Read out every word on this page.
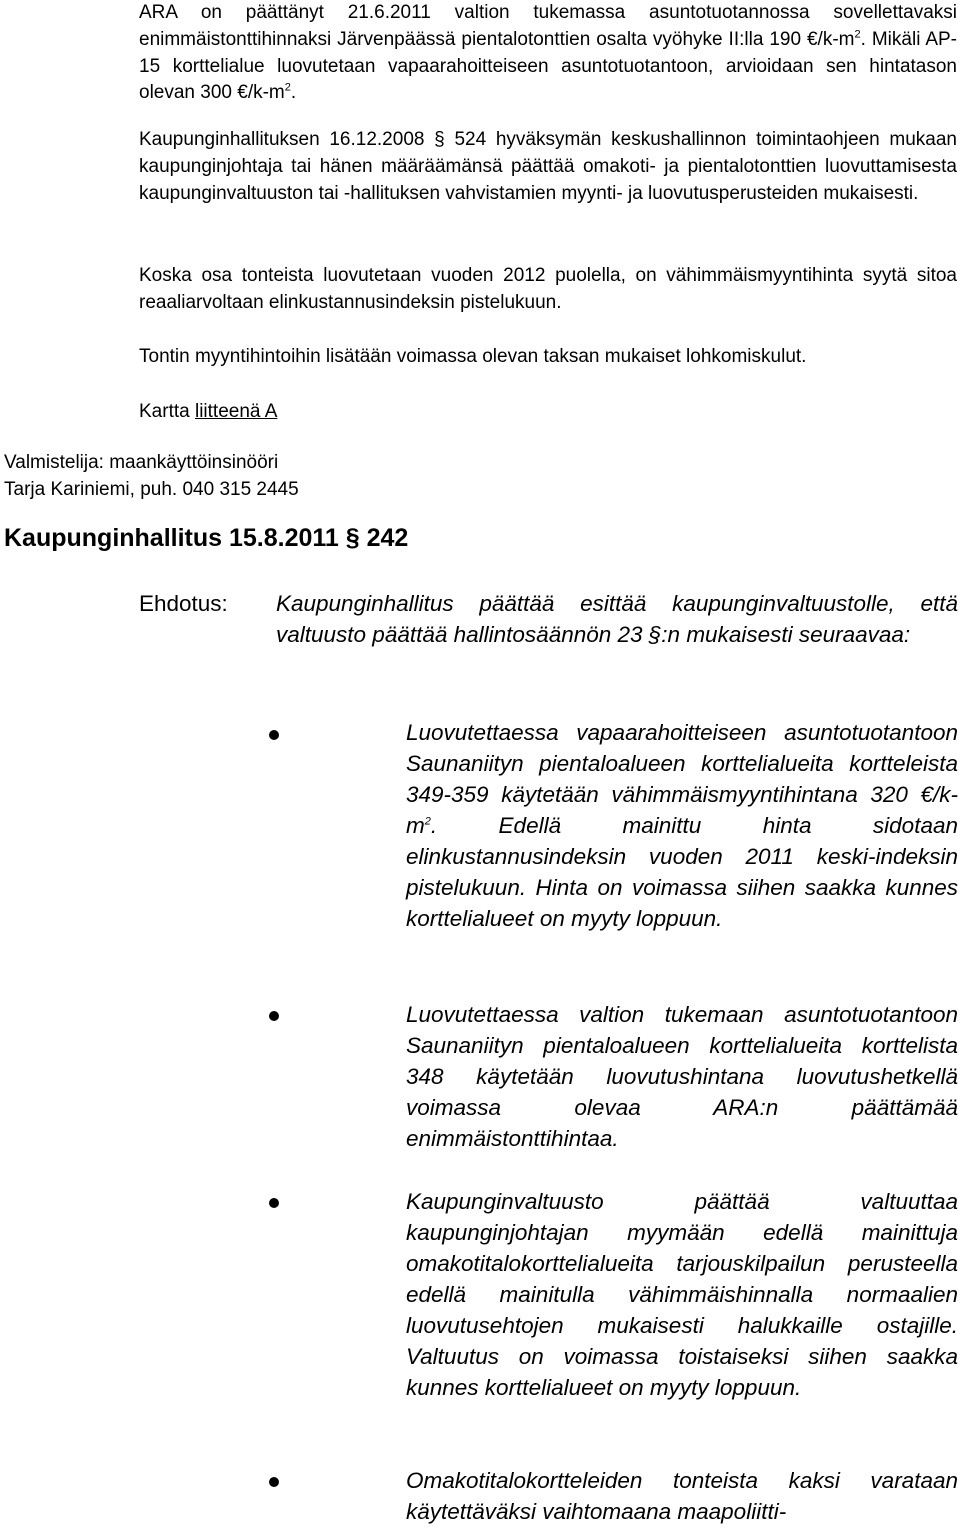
ARA on päättänyt 21.6.2011 valtion tukemassa asuntotuotannossa sovellettavaksi enimmäistonttihinnaksi Järvenpäässä pientalotonttien osalta vyöhyke II:lla 190 $€/k-m^2$. Mikäli AP-15 korttelialue luovutetaan vapaarahoitteiseen asuntotuotantoon, arvioidaan sen hintatason olevan 300 $€/k-m^2$.

Kaupunginhallituksen 16.12.2008 § 524 hyväksymän keskushallinnon toimintaohjeen mukaan kaupunginjohtaja tai hänen määräämänsä päättää omakoti- ja pientalotonttien luovuttamisesta kaupunginvaltuuston tai -hallituksen vahvistamien myynti- ja luovutusperusteiden mukaisesti.

Koska osa tonteista luovutetaan vuoden 2012 puolella, on vähimmäismyyntihinta syytä sitoa reaaliarvoltaan elinkustannusindeksin pistelukuun.

Tontin myyntihintoihin lisätään voimassa olevan taksan mukaiset lohkomiskulut.

Kartta liitteenä A

Valmistelija: maankäyttöinsinööri
Tarja Kariniemi, puh. 040 315 2445
Kaupunginhallitus 15.8.2011 § 242
Ehdotus: Kaupunginhallitus päättää esittää kaupunginvaltuustolle, että valtuusto päättää hallintosäännön 23 §:n mukaisesti seuraavaa:

Luovutettaessa vapaarahoitteiseen asuntotuotantoon Saunaniityn pientaloalueen korttelialueita kortteleista 349-359 käytetään vähimmäismyyntihintana 320 $€/k-m^2$. Edellä mainittu hinta sidotaan elinkustannusindeksin vuoden 2011 keski-indeksin pistelukuun. Hinta on voimassa siihen saakka kunnes korttelialueet on myyty loppuun.

Luovutettaessa valtion tukemaan asuntotuotantoon Saunaniityn pientaloalueen korttelialueita korttelista 348 käytetään luovutushintana luovutushetkellä voimassa olevaa ARA:n päättämää enimmäistonttihintaa.

Kaupunginvaltuusto päättää valtuuttaa kaupunginjohtajan myymään edellä mainittuja omakotitalokorttelialueita tarjouskilpailun perusteella edellä mainitulla vähimmäishinnalla normaalien luovutusehtojen mukaisesti halukkaille ostajille. Valtuutus on voimassa toistaiseksi siihen saakka kunnes korttelialueet on myyty loppuun.

Omakotitalokortteleiden tonteista kaksi varataan käytettäväksi vaihtomaana maapoliitti-
